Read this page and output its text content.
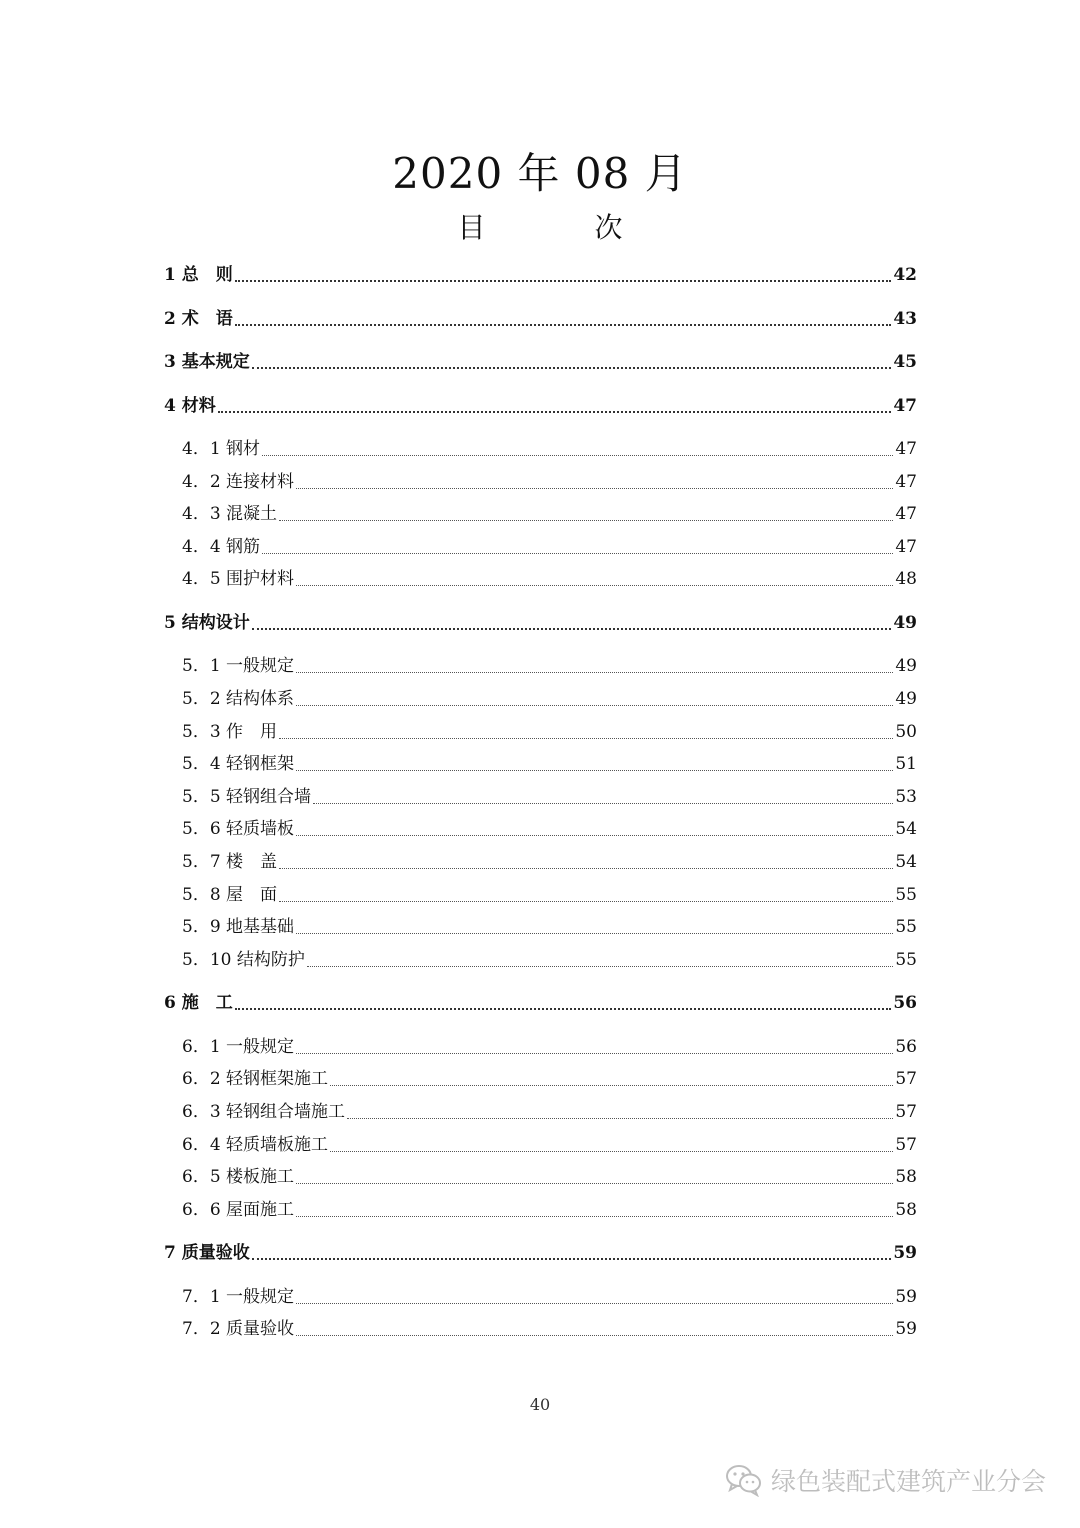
2020 年 08 月
目 次
1 总　则	42
2 术　语	43
3 基本规定	45
4 材料	47
4．1 钢材	47
4．2 连接材料	47
4．3 混凝土	47
4．4 钢筋	47
4．5 围护材料	48
5 结构设计	49
5．1 一般规定	49
5．2 结构体系	49
5．3 作　用	50
5．4 轻钢框架	51
5．5 轻钢组合墙	53
5．6 轻质墙板	54
5．7 楼　盖	54
5．8 屋　面	55
5．9 地基基础	55
5．10 结构防护	55
6 施　工	56
6．1 一般规定	56
6．2 轻钢框架施工	57
6．3 轻钢组合墙施工	57
6．4 轻质墙板施工	57
6．5 楼板施工	58
6．6 屋面施工	58
7 质量验收	59
7．1 一般规定	59
7．2 质量验收	59
40
绿色装配式建筑产业分会
